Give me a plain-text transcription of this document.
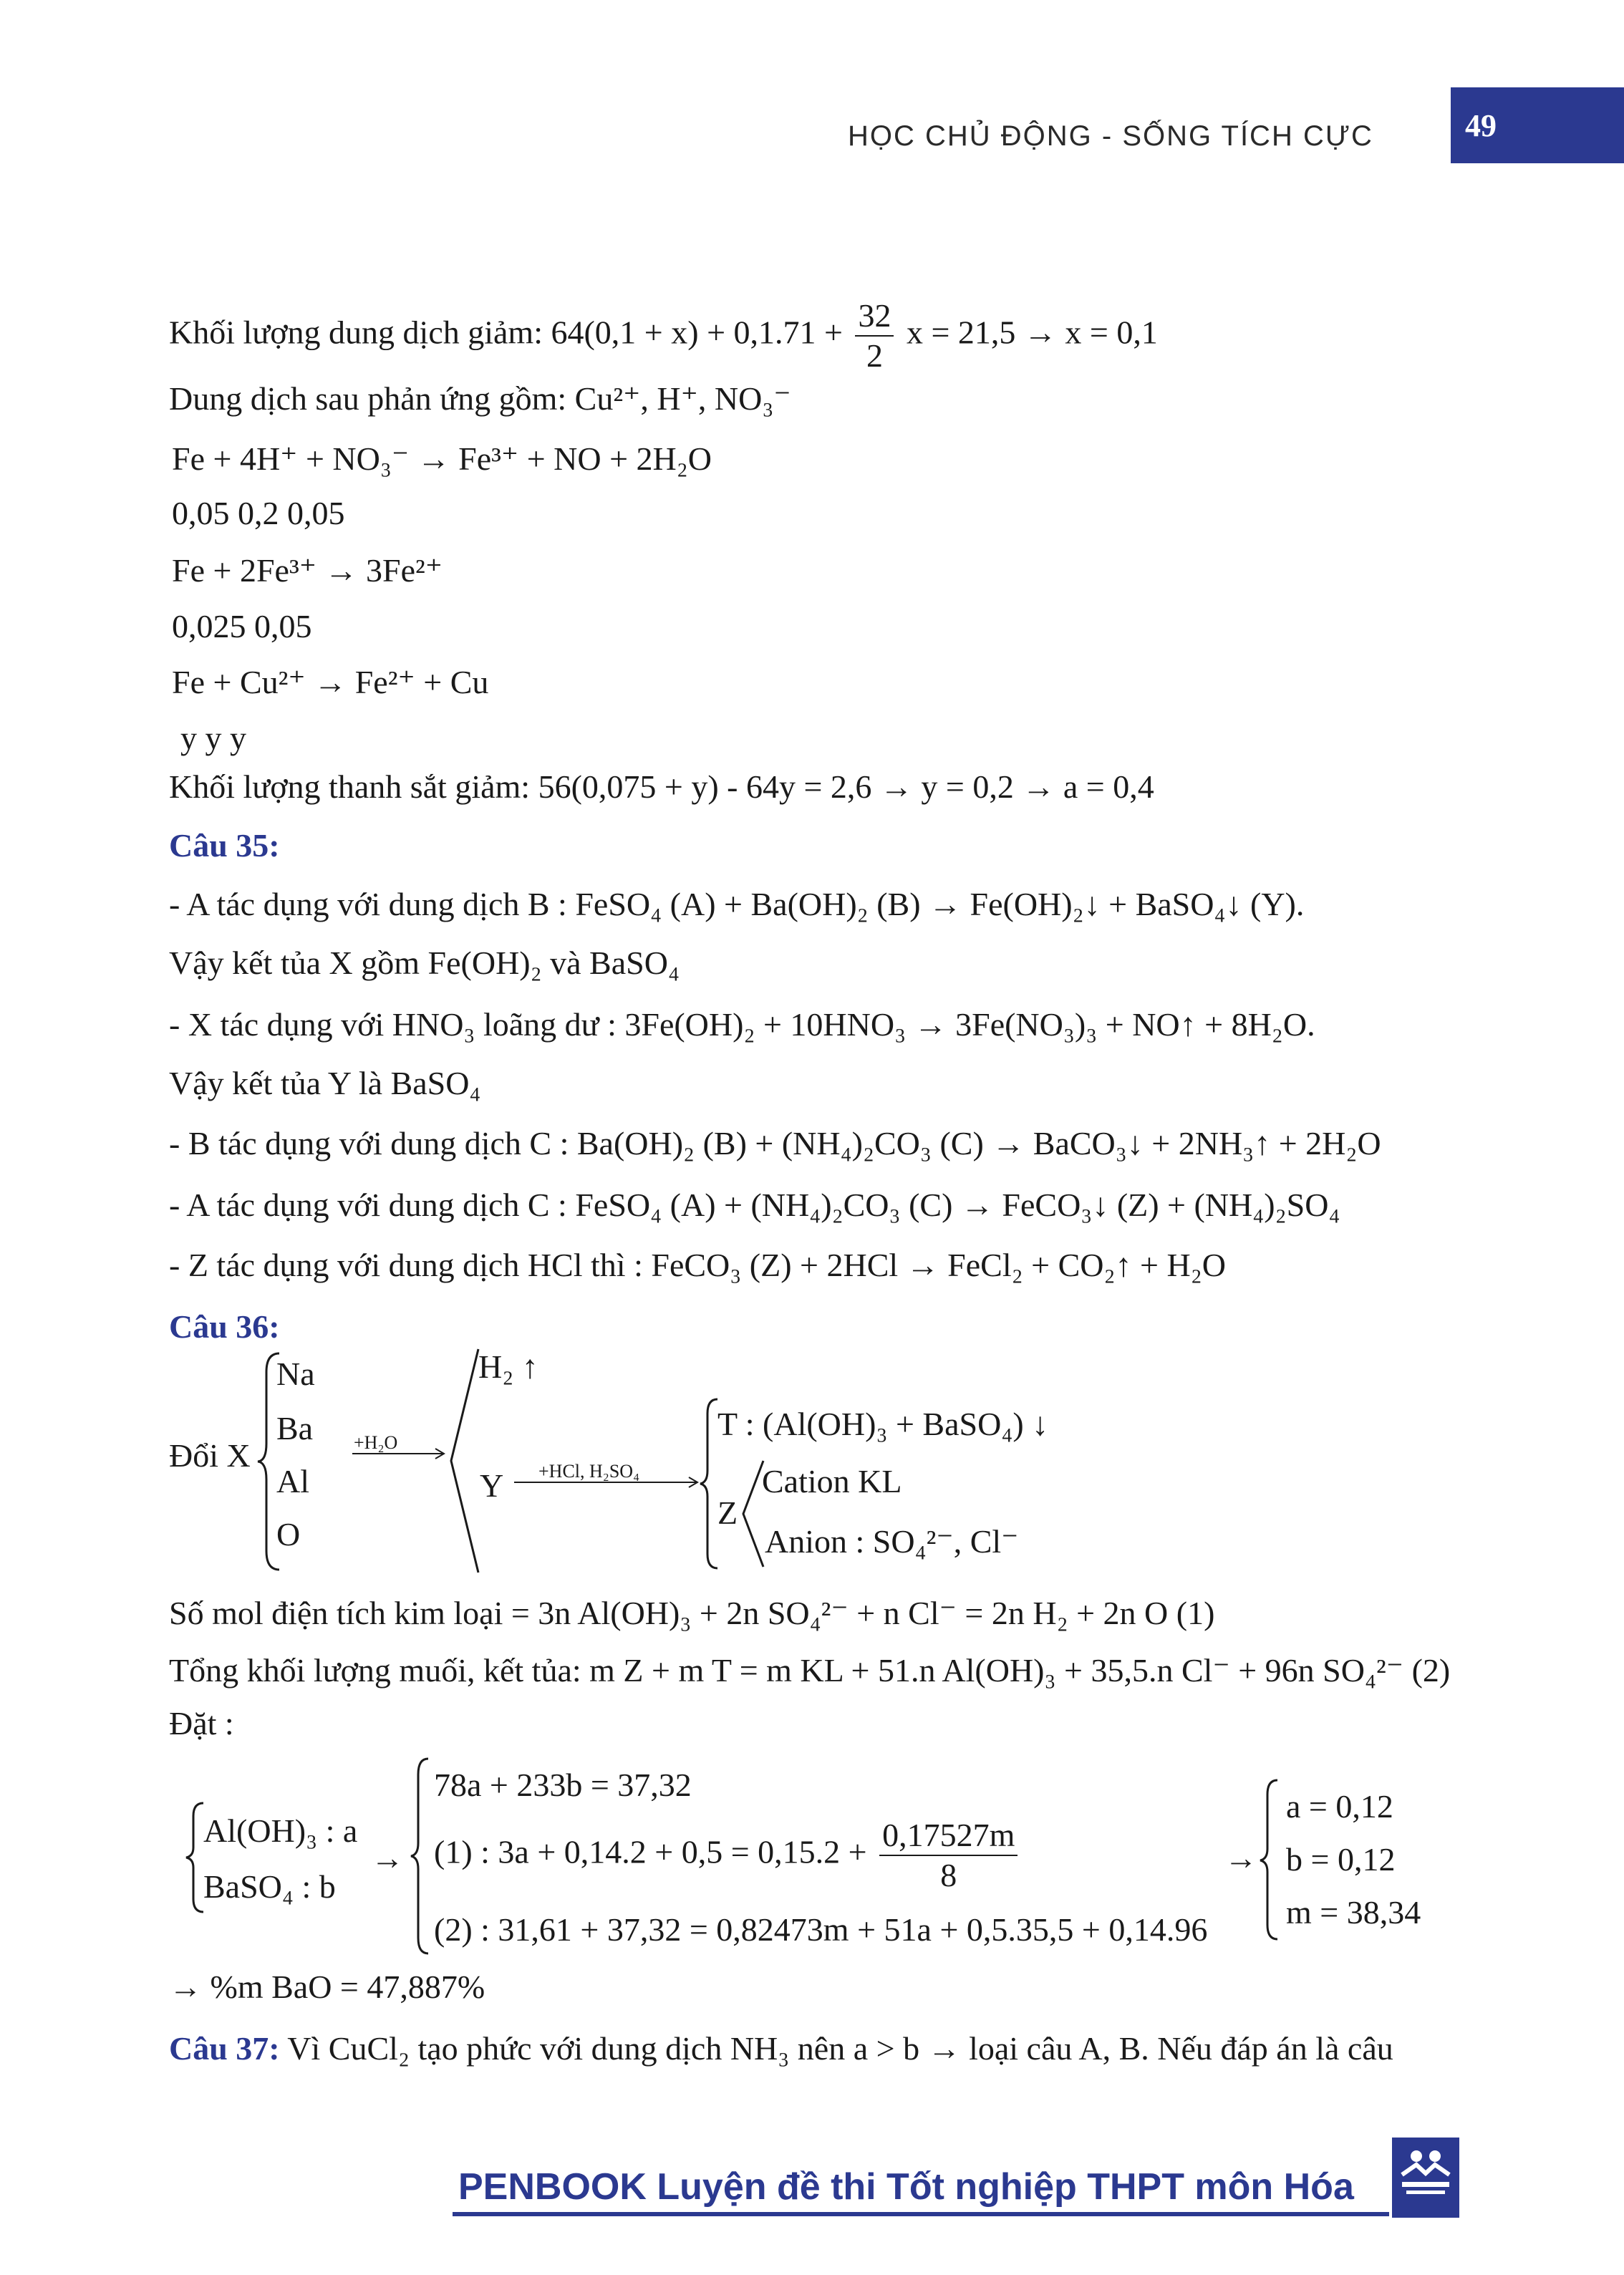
HỌC CHỦ ĐỘNG - SỐNG TÍCH CỰC	49
Khối lượng dung dịch giảm: $64(0,1 + x) + 0,1.71 + \frac{32}{2}$ x = 21,5 → x = 0,1
Dung dịch sau phản ứng gồm: Cu²⁺, H⁺, NO₃⁻
Fe + 4H⁺ + NO₃⁻ → Fe³⁺ + NO + 2H₂O
0,05 0,2 0,05
Fe + 2Fe³⁺ → 3Fe²⁺
0,025 0,05
Fe + Cu²⁺ → Fe²⁺ + Cu
y y y
Khối lượng thanh sắt giảm: 56(0,075 + y) - 64y = 2,6 → y = 0,2 → a = 0,4
Câu 35:
- A tác dụng với dung dịch B : FeSO₄ (A) + Ba(OH)₂ (B) → Fe(OH)₂↓ + BaSO₄↓ (Y).
Vậy kết tủa X gồm Fe(OH)₂ và BaSO₄
- X tác dụng với HNO₃ loãng dư : 3Fe(OH)₂ + 10HNO₃ → 3Fe(NO₃)₃ + NO↑ + 8H₂O.
Vậy kết tủa Y là BaSO₄
- B tác dụng với dung dịch C : Ba(OH)₂ (B) + (NH₄)₂CO₃ (C) → BaCO₃↓ + 2NH₃↑ + 2H₂O
- A tác dụng với dung dịch C : FeSO₄ (A) + (NH₄)₂CO₃ (C) → FeCO₃↓ (Z) + (NH₄)₂SO₄
- Z tác dụng với dung dịch HCl thì : FeCO₃ (Z) + 2HCl → FeCl₂ + CO₂↑ + H₂O
Câu 36:
Đổi X
Na
Ba
Al
O
+H₂O
H₂ ↑
Y +HCl, H₂SO₄
T : (Al(OH)₃ + BaSO₄) ↓
Z
Cation KL
Anion : SO₄²⁻, Cl⁻
Số mol điện tích kim loại = 3n Al(OH)₃ + 2n SO₄²⁻ + n Cl⁻ = 2n H₂ + 2n O (1)
Tổng khối lượng muối, kết tủa: m Z + m T = m KL + 51.n Al(OH)₃ + 35,5.n Cl⁻ + 96n SO₄²⁻ (2)
Đặt :
Al(OH)₃ : a
BaSO₄ : b
→
78a + 233b = 37,32
(1) : $3a + 0,14.2 + 0,5 = 0,15.2 + \frac{0,17527m}{8}$
(2) : 31,61 + 37,32 = 0,82473m + 51a + 0,5.35,5 + 0,14.96
→
a = 0,12
b = 0,12
m = 38,34
→ %m BaO = 47,887%
Câu 37: Vì CuCl₂ tạo phức với dung dịch NH₃ nên a > b → loại câu A, B. Nếu đáp án là câu
PENBOOK Luyện đề thi Tốt nghiệp THPT môn Hóa
